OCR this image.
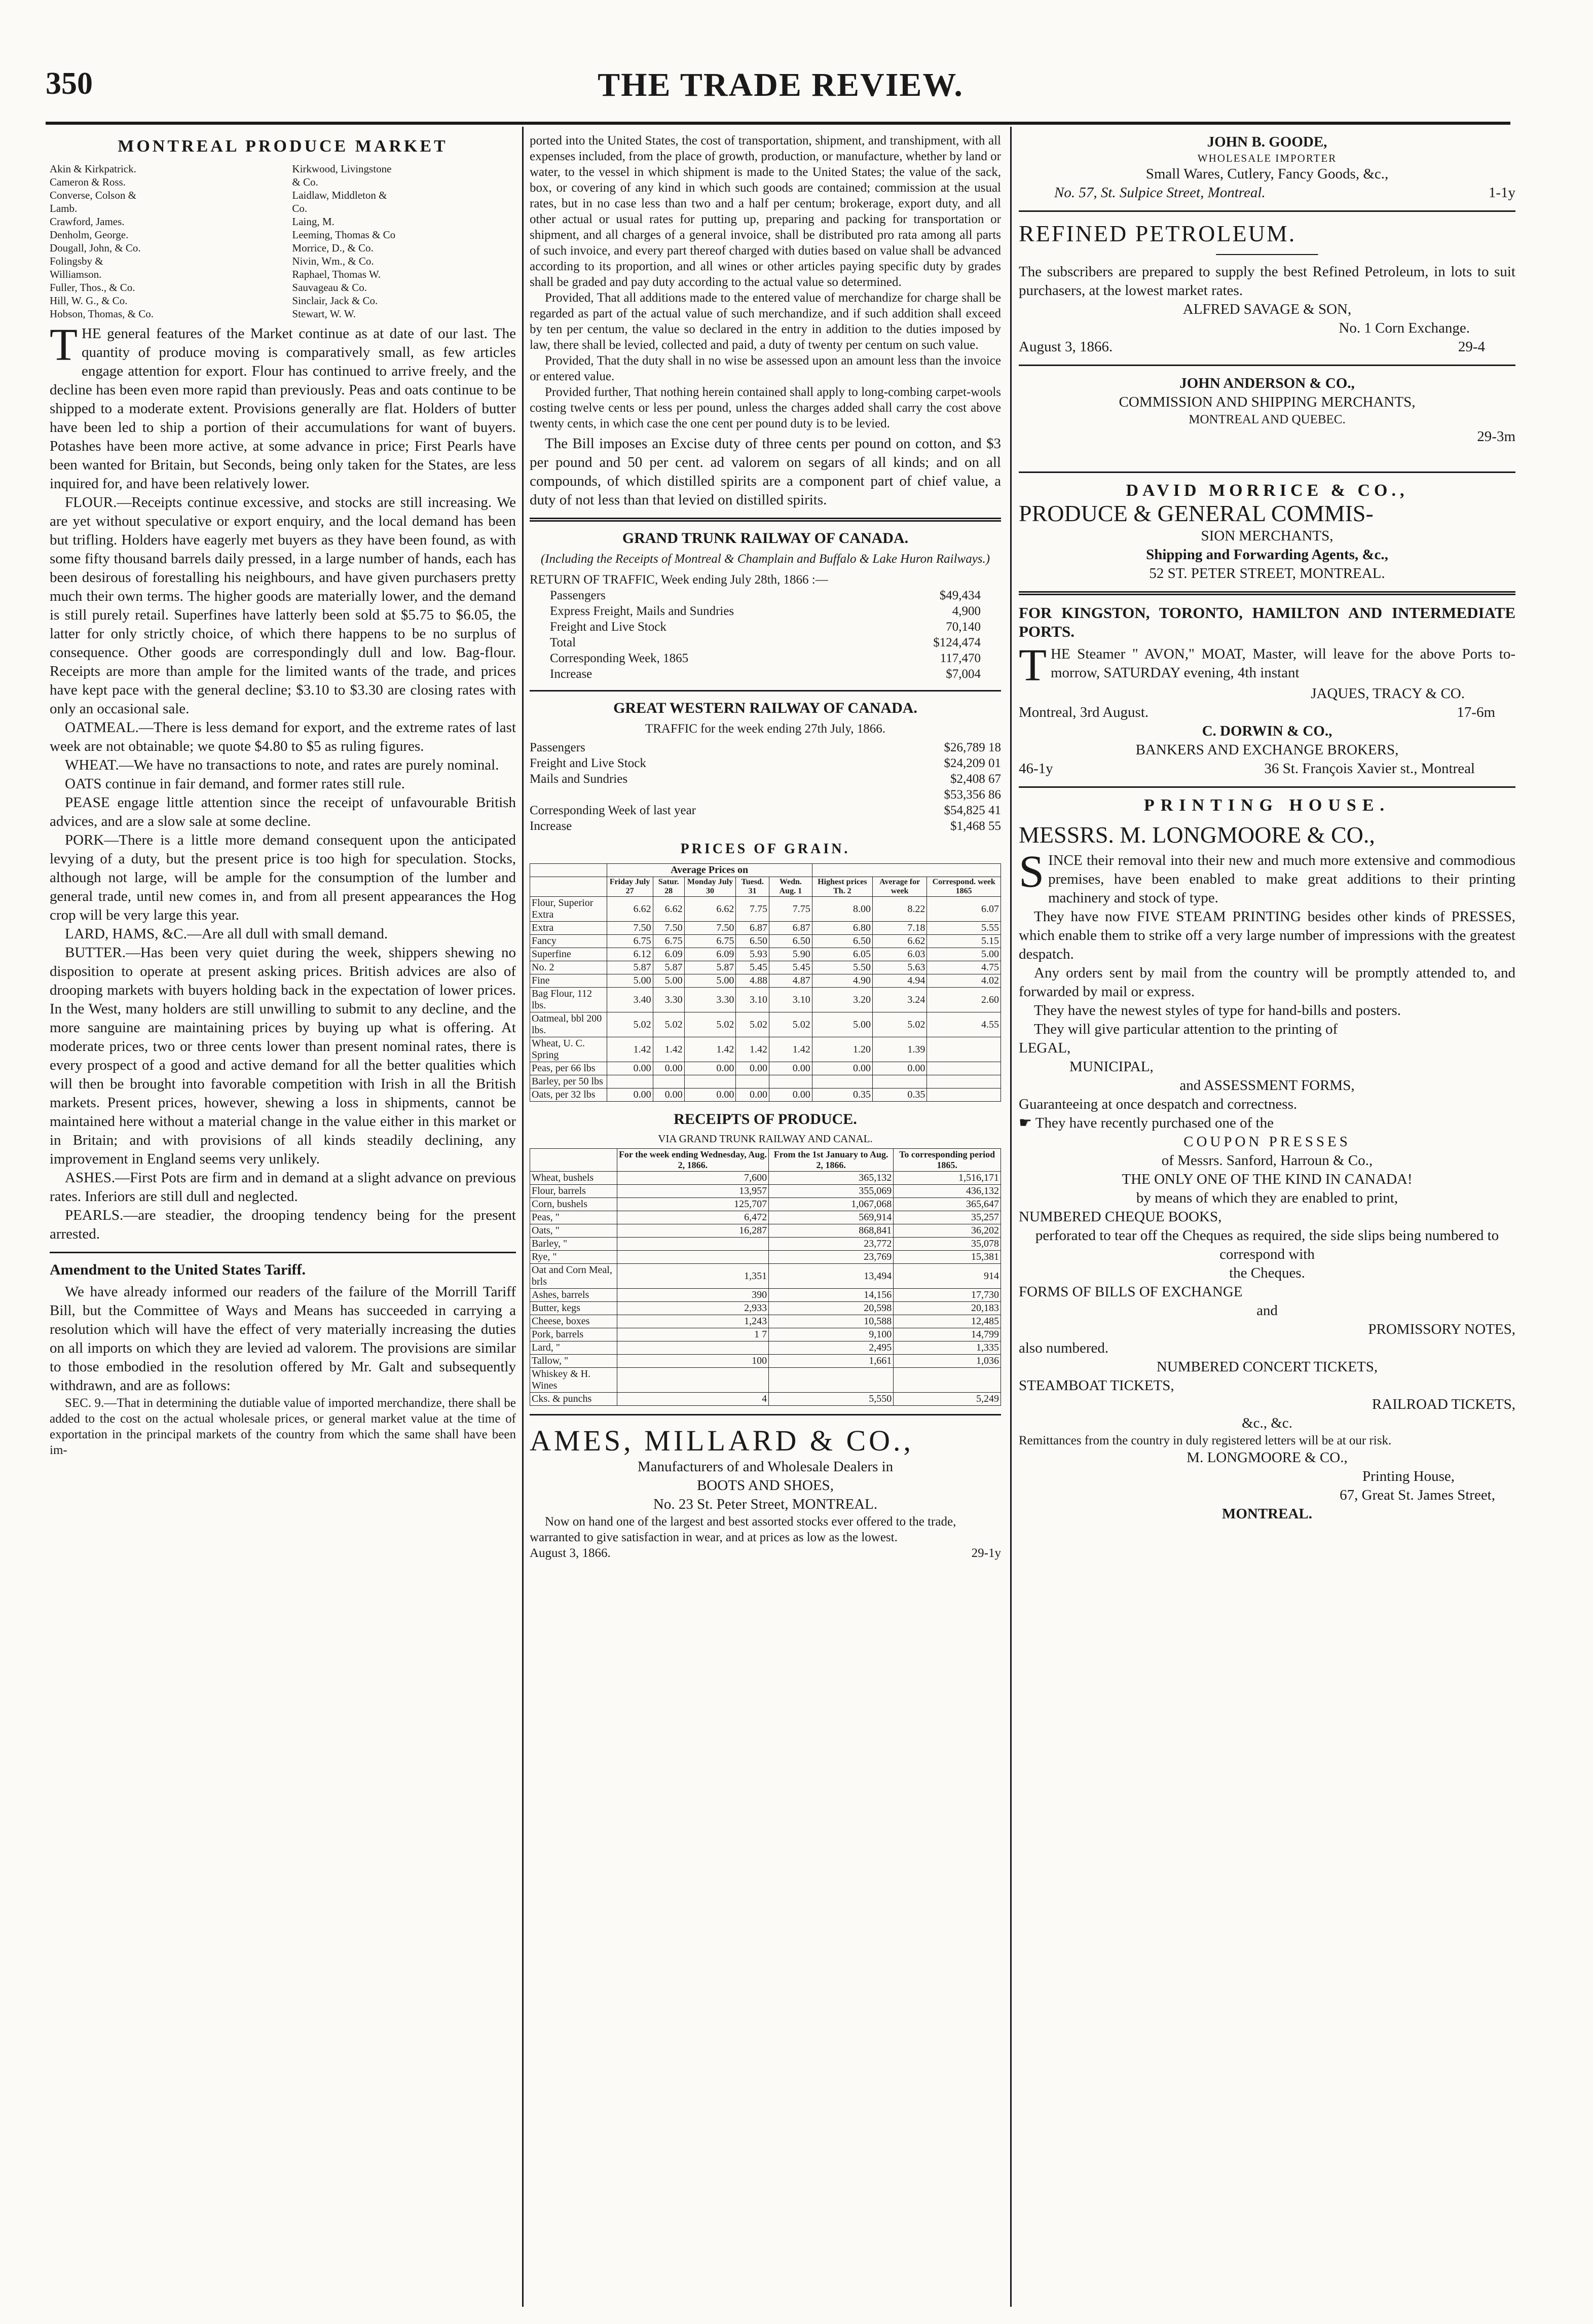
350	THE TRADE REVIEW.
MONTREAL PRODUCE MARKET
Akin & Kirkpatrick.
Cameron & Ross.
Converse, Colson & Lamb.
Crawford, James.
Denholm, George.
Dougall, John, & Co.
Folingsby & Williamson.
Fuller, Thos., & Co.
Hill, W. G., & Co.
Hobson, Thomas, & Co.
Kirkwood, Livingstone & Co.
Laidlaw, Middleton & Co.
Laing, M.
Leeming, Thomas & Co
Morrice, D., & Co.
Nivin, Wm., & Co.
Raphael, Thomas W.
Sauvageau & Co.
Sinclair, Jack & Co.
Stewart, W. W.
THE general features of the Market continue as at date of our last. The quantity of produce moving is comparatively small, as few articles engage attention for export. Flour has continued to arrive freely, and the decline has been even more rapid than previously. Peas and oats continue to be shipped to a moderate extent. Provisions generally are flat. Holders of butter have been led to ship a portion of their accumulations for want of buyers. Potashes have been more active, at some advance in price; First Pearls have been wanted for Britain, but Seconds, being only taken for the States, are less inquired for, and have been relatively lower.

FLOUR.—Receipts continue excessive, and stocks are still increasing. We are yet without speculative or export enquiry, and the local demand has been but trifling. Holders have eagerly met buyers as they have been found, as with some fifty thousand barrels daily pressed, in a large number of hands, each has been desirous of forestalling his neighbours, and have given purchasers pretty much their own terms. The higher goods are materially lower, and the demand is still purely retail. Superfines have latterly been sold at $5.75 to $6.05, the latter for only strictly choice, of which there happens to be no surplus of consequence. Other goods are correspondingly dull and low. Bag-flour. Receipts are more than ample for the limited wants of the trade, and prices have kept pace with the general decline; $3.10 to $3.30 are closing rates with only an occasional sale.

OATMEAL.—There is less demand for export, and the extreme rates of last week are not obtainable; we quote $4.80 to $5 as ruling figures.

WHEAT.—We have no transactions to note, and rates are purely nominal.

OATS continue in fair demand, and former rates still rule.

PEASE engage little attention since the receipt of unfavourable British advices, and are a slow sale at some decline.

PORK—There is a little more demand consequent upon the anticipated levying of a duty, but the present price is too high for speculation. Stocks, although not large, will be ample for the consumption of the lumber and general trade, until new comes in, and from all present appearances the Hog crop will be very large this year.

LARD, HAMS, &C.—Are all dull with small demand.

BUTTER.—Has been very quiet during the week, shippers shewing no disposition to operate at present asking prices. British advices are also of drooping markets with buyers holding back in the expectation of lower prices. In the West, many holders are still unwilling to submit to any decline, and the more sanguine are maintaining prices by buying up what is offering. At moderate prices, two or three cents lower than present nominal rates, there is every prospect of a good and active demand for all the better qualities which will then be brought into favorable competition with Irish in all the British markets. Present prices, however, shewing a loss in shipments, cannot be maintained here without a material change in the value either in this market or in Britain; and with provisions of all kinds steadily declining, any improvement in England seems very unlikely.

ASHES.—First Pots are firm and in demand at a slight advance on previous rates. Inferiors are still dull and neglected.

PEARLS.—are steadier, the drooping tendency being for the present arrested.

Amendment to the United States Tariff.

We have already informed our readers of the failure of the Morrill Tariff Bill, but the Committee of Ways and Means has succeeded in carrying a resolution which will have the effect of very materially increasing the duties on all imports on which they are levied ad valorem. The provisions are similar to those embodied in the resolution offered by Mr. Galt and subsequently withdrawn, and are as follows:

SEC. 9.—That in determining the dutiable value of imported merchandize, there shall be added to the cost on the actual wholesale prices, or general market value at the time of exportation in the principal markets of the country from which the same shall have been im-

ported into the United States, the cost of transportation, shipment, and transhipment, with all expenses included, from the place of growth, production, or manufacture, whether by land or water, to the vessel in which shipment is made to the United States; the value of the sack, box, or covering of any kind in which such goods are contained; commission at the usual rates, but in no case less than two and a half per centum; brokerage, export duty, and all other actual or usual rates for putting up, preparing and packing for transportation or shipment, and all charges of a general invoice, shall be distributed pro rata among all parts of such invoice, and every part thereof charged with duties based on value shall be advanced according to its proportion, and all wines or other articles paying specific duty by grades shall be graded and pay duty according to the actual value so determined.

Provided, That all additions made to the entered value of merchandize for charge shall be regarded as part of the actual value of such merchandize, and if such addition shall exceed by ten per centum, the value so declared in the entry in addition to the duties imposed by law, there shall be levied, collected and paid, a duty of twenty per centum on such value.

Provided, That the duty shall in no wise be assessed upon an amount less than the invoice or entered value.

Provided further, That nothing herein contained shall apply to long-combing carpet-wools costing twelve cents or less per pound, unless the charges added shall carry the cost above twenty cents, in which case the one cent per pound duty is to be levied.

The Bill imposes an Excise duty of three cents per pound on cotton, and $3 per pound and 50 per cent. ad valorem on segars of all kinds; and on all compounds, of which distilled spirits are a component part of chief value, a duty of not less than that levied on distilled spirits.

GRAND TRUNK RAILWAY OF CANADA.
(Including the Receipts of Montreal & Champlain and Buffalo & Lake Huron Railways.)
RETURN OF TRAFFIC, Week ending July 28th, 1866 :—
Passengers	$49,434
Express Freight, Mails and Sundries	4,900
Freight and Live Stock	70,140
Total	$124,474
Corresponding Week, 1865	117,470
Increase	$7,004
GREAT WESTERN RAILWAY OF CANADA.
TRAFFIC for the week ending 27th July, 1866.
Passengers	$26,789 18
Freight and Live Stock	$24,209 01
Mails and Sundries	$2,408 67
$53,356 86
Corresponding Week of last year	$54,825 41
Increase	$1,468 55
PRICES OF GRAIN.
	Average Prices on							
	Friday July 27	Satur. 28	Monday July 30	Tuesd. 31	Wedn. Aug. 1	Highest prices Th. 2	Average for week	Correspond. week 1865
Flour, Superior Extra	6.62	6.62	6.62	7.75	7.75	8.00	8.22	6.07
Extra	7.50	7.50	7.50	6.87	6.87	6.80	7.18	5.55
Fancy	6.75	6.75	6.75	6.50	6.50	6.50	6.62	5.15
Superfine	6.12	6.09	6.09	5.93	5.90	6.05	6.03	5.00
No. 2	5.87	5.87	5.87	5.45	5.45	5.50	5.63	4.75
Fine	5.00	5.00	5.00	4.88	4.87	4.90	4.94	4.02
Bag Flour, 112 lbs.	3.40	3.30	3.30	3.10	3.10	3.20	3.24	2.60
Oatmeal, bbl 200 lbs.	5.02	5.02	5.02	5.02	5.02	5.00	5.02	4.55
Wheat, U. C. Spring	1.42	1.42	1.42	1.42	1.42	1.20	1.39	
Peas, per 66 lbs	0.00	0.00	0.00	0.00	0.00	0.00	0.00	
Barley, per 50 lbs								
Oats, per 32 lbs	0.00	0.00	0.00	0.00	0.00	0.35	0.35	
RECEIPTS OF PRODUCE.
VIA GRAND TRUNK RAILWAY AND CANAL.
	For the week ending Wednesday, Aug. 2, 1866.	From the 1st January to Aug. 2, 1866.	To corresponding period 1865.
Wheat, bushels	7,600	365,132	1,516,171
Flour, barrels	13,957	355,069	436,132
Corn, bushels	125,707	1,067,068	365,647
Peas, "	6,472	569,914	35,257
Oats, "	16,287	868,841	36,202
Barley, "		23,772	35,078
Rye, "		23,769	15,381
Oat and Corn Meal, brls	1,351	13,494	914
Ashes, barrels	390	14,156	17,730
Butter, kegs	2,933	20,598	20,183
Cheese, boxes	1,243	10,588	12,485
Pork, barrels	1 7	9,100	14,799
Lard, "		2,495	1,335
Tallow, "	100	1,661	1,036
Whiskey & H. Wines			
Cks. & punchs	4	5,550	5,249
AMES, MILLARD & CO.,
Manufacturers of and Wholesale Dealers in
BOOTS AND SHOES,
No. 23 St. Peter Street, MONTREAL.

Now on hand one of the largest and best assorted stocks ever offered to the trade, warranted to give satisfaction in wear, and at prices as low as the lowest.

August 3, 1866.	29-1y
JOHN B. GOODE,
WHOLESALE IMPORTER
Small Wares, Cutlery, Fancy Goods, &c.,
No. 57, St. Sulpice Street, Montreal.	1-1y
REFINED PETROLEUM.

The subscribers are prepared to supply the best Refined Petroleum, in lots to suit purchasers, at the lowest market rates.

ALFRED SAVAGE & SON,
No. 1 Corn Exchange.
August 3, 1866.	29-4
JOHN ANDERSON & CO.,
COMMISSION AND SHIPPING MERCHANTS,
MONTREAL AND QUEBEC.
29-3m
DAVID MORRICE & CO.,
PRODUCE & GENERAL COMMIS-
SION MERCHANTS,
Shipping and Forwarding Agents, &c.,
52 ST. PETER STREET, MONTREAL.
FOR KINGSTON, TORONTO, HAMILTON AND INTERMEDIATE PORTS.
THE Steamer " AVON," MOAT, Master, will leave for the above Ports to-morrow, SATURDAY evening, 4th instant
JAQUES, TRACY & CO.
Montreal, 3rd August.	17-6m
C. DORWIN & CO.,
BANKERS AND EXCHANGE BROKERS,
46-1y	36 St. François Xavier st., Montreal
PRINTING HOUSE.
MESSRS. M. LONGMOORE & CO.,
SINCE their removal into their new and much more extensive and commodious premises, have been enabled to make great additions to their printing machinery and stock of type.

They have now FIVE STEAM PRINTING besides other kinds of PRESSES, which enable them to strike off a very large number of impressions with the greatest despatch.

Any orders sent by mail from the country will be promptly attended to, and forwarded by mail or express.

They have the newest styles of type for hand-bills and posters.

They will give particular attention to the printing of

LEGAL,
MUNICIPAL,
and ASSESSMENT FORMS,
Guaranteeing at once despatch and correctness.
☛ They have recently purchased one of the
COUPON PRESSES
of Messrs. Sanford, Harroun & Co.,
THE ONLY ONE OF THE KIND IN CANADA!
by means of which they are enabled to print,
NUMBERED CHEQUE BOOKS,
perforated to tear off the Cheques as required, the side slips being numbered to correspond with
the Cheques.
FORMS OF BILLS OF EXCHANGE
and
PROMISSORY NOTES,
also numbered.
NUMBERED CONCERT TICKETS,
STEAMBOAT TICKETS,
RAILROAD TICKETS,
&c., &c.

Remittances from the country in duly registered letters will be at our risk.

M. LONGMOORE & CO.,
Printing House,
67, Great St. James Street,
MONTREAL.
